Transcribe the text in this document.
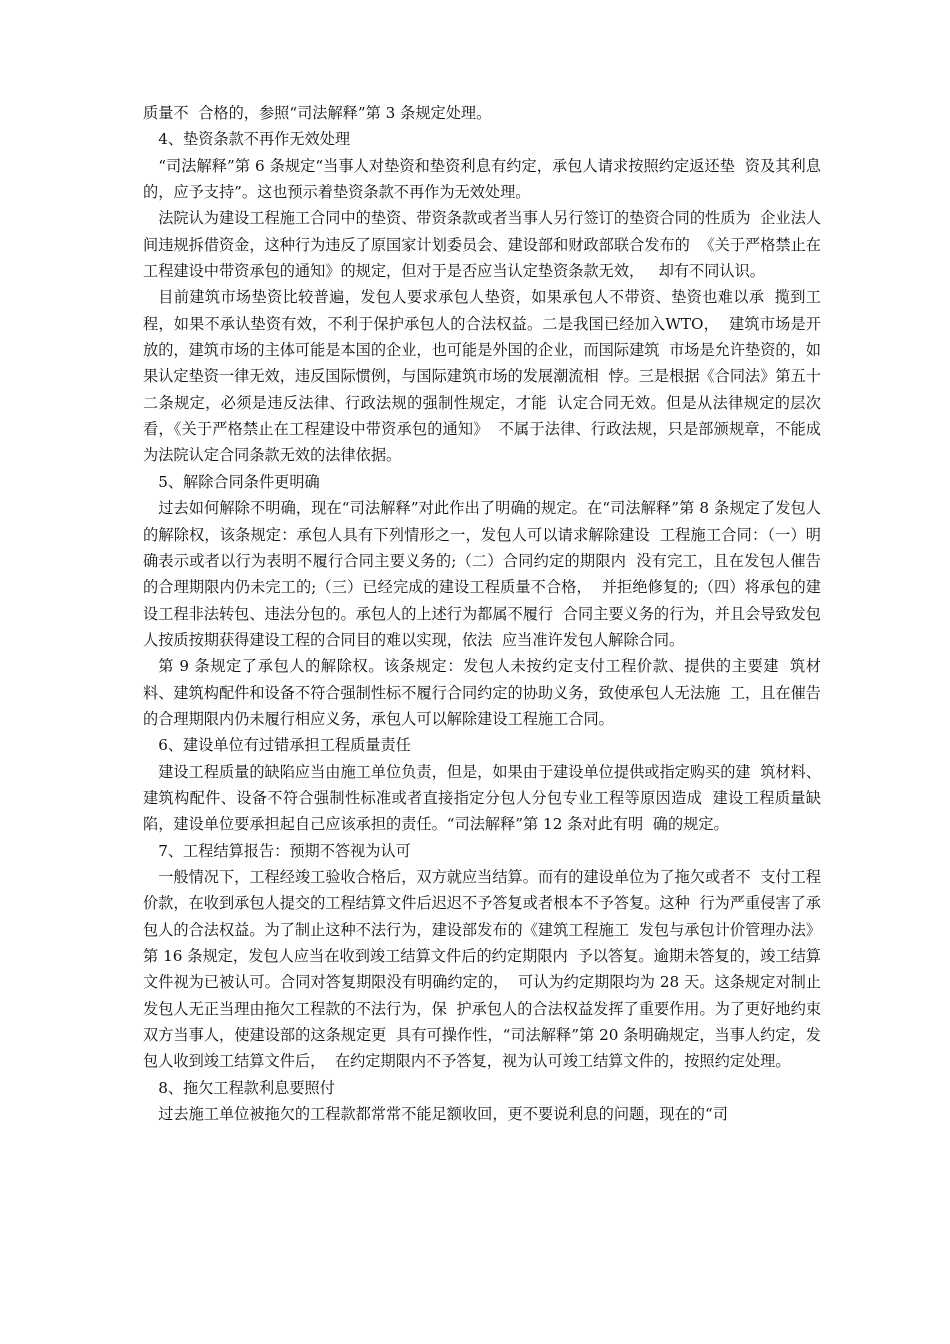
质量不  合格的，参照“司法解释”第 3 条规定处理。

4、垫资条款不再作无效处理

“司法解释”第 6 条规定“当事人对垫资和垫资利息有约定，承包人请求按照约定返还垫  资及其利息的，应予支持”。这也预示着垫资条款不再作为无效处理。

法院认为建设工程施工合同中的垫资、带资条款或者当事人另行签订的垫资合同的性质为  企业法人间违规拆借资金，这种行为违反了原国家计划委员会、建设部和财政部联合发布的  《关于严格禁止在工程建设中带资承包的通知》的规定，但对于是否应当认定垫资条款无效，   却有不同认识。

目前建筑市场垫资比较普遍，发包人要求承包人垫资，如果承包人不带资、垫资也难以承  揽到工程，如果不承认垫资有效，不利于保护承包人的合法权益。二是我国已经加入WTO，  建筑市场是开放的，建筑市场的主体可能是本国的企业，也可能是外国的企业，而国际建筑  市场是允许垫资的，如果认定垫资一律无效，违反国际惯例，与国际建筑市场的发展潮流相  悖。三是根据《合同法》第五十二条规定，必须是违反法律、行政法规的强制性规定，才能  认定合同无效。但是从法律规定的层次看，《关于严格禁止在工程建设中带资承包的通知》  不属于法律、行政法规，只是部颁规章，不能成为法院认定合同条款无效的法律依据。

5、解除合同条件更明确

过去如何解除不明确，现在“司法解释”对此作出了明确的规定。在“司法解释”第 8 条规定了发包人的解除权，该条规定：承包人具有下列情形之一，发包人可以请求解除建设  工程施工合同：（一）明确表示或者以行为表明不履行合同主要义务的;（二）合同约定的期限内  没有完工，且在发包人催告的合理期限内仍未完工的;（三）已经完成的建设工程质量不合格，  并拒绝修复的;（四）将承包的建设工程非法转包、违法分包的。承包人的上述行为都属不履行  合同主要义务的行为，并且会导致发包人按质按期获得建设工程的合同目的难以实现，依法  应当准许发包人解除合同。

第 9 条规定了承包人的解除权。该条规定：发包人未按约定支付工程价款、提供的主要建  筑材料、建筑构配件和设备不符合强制性标不履行合同约定的协助义务，致使承包人无法施  工，且在催告的合理期限内仍未履行相应义务，承包人可以解除建设工程施工合同。

6、建设单位有过错承担工程质量责任

建设工程质量的缺陷应当由施工单位负责，但是，如果由于建设单位提供或指定购买的建  筑材料、建筑构配件、设备不符合强制性标准或者直接指定分包人分包专业工程等原因造成  建设工程质量缺陷，建设单位要承担起自己应该承担的责任。“司法解释”第 12 条对此有明  确的规定。

7、工程结算报告：预期不答视为认可

一般情况下，工程经竣工验收合格后，双方就应当结算。而有的建设单位为了拖欠或者不  支付工程价款，在收到承包人提交的工程结算文件后迟迟不予答复或者根本不予答复。这种  行为严重侵害了承包人的合法权益。为了制止这种不法行为，建设部发布的《建筑工程施工  发包与承包计价管理办法》第 16 条规定，发包人应当在收到竣工结算文件后的约定期限内  予以答复。逾期未答复的，竣工结算文件视为已被认可。合同对答复期限没有明确约定的，  可认为约定期限均为 28 天。这条规定对制止发包人无正当理由拖欠工程款的不法行为，保  护承包人的合法权益发挥了重要作用。为了更好地约束双方当事人，使建设部的这条规定更  具有可操作性，“司法解释”第 20 条明确规定，当事人约定，发包人收到竣工结算文件后，  在约定期限内不予答复，视为认可竣工结算文件的，按照约定处理。

8、拖欠工程款利息要照付

过去施工单位被拖欠的工程款都常常不能足额收回，更不要说利息的问题，现在的“司
